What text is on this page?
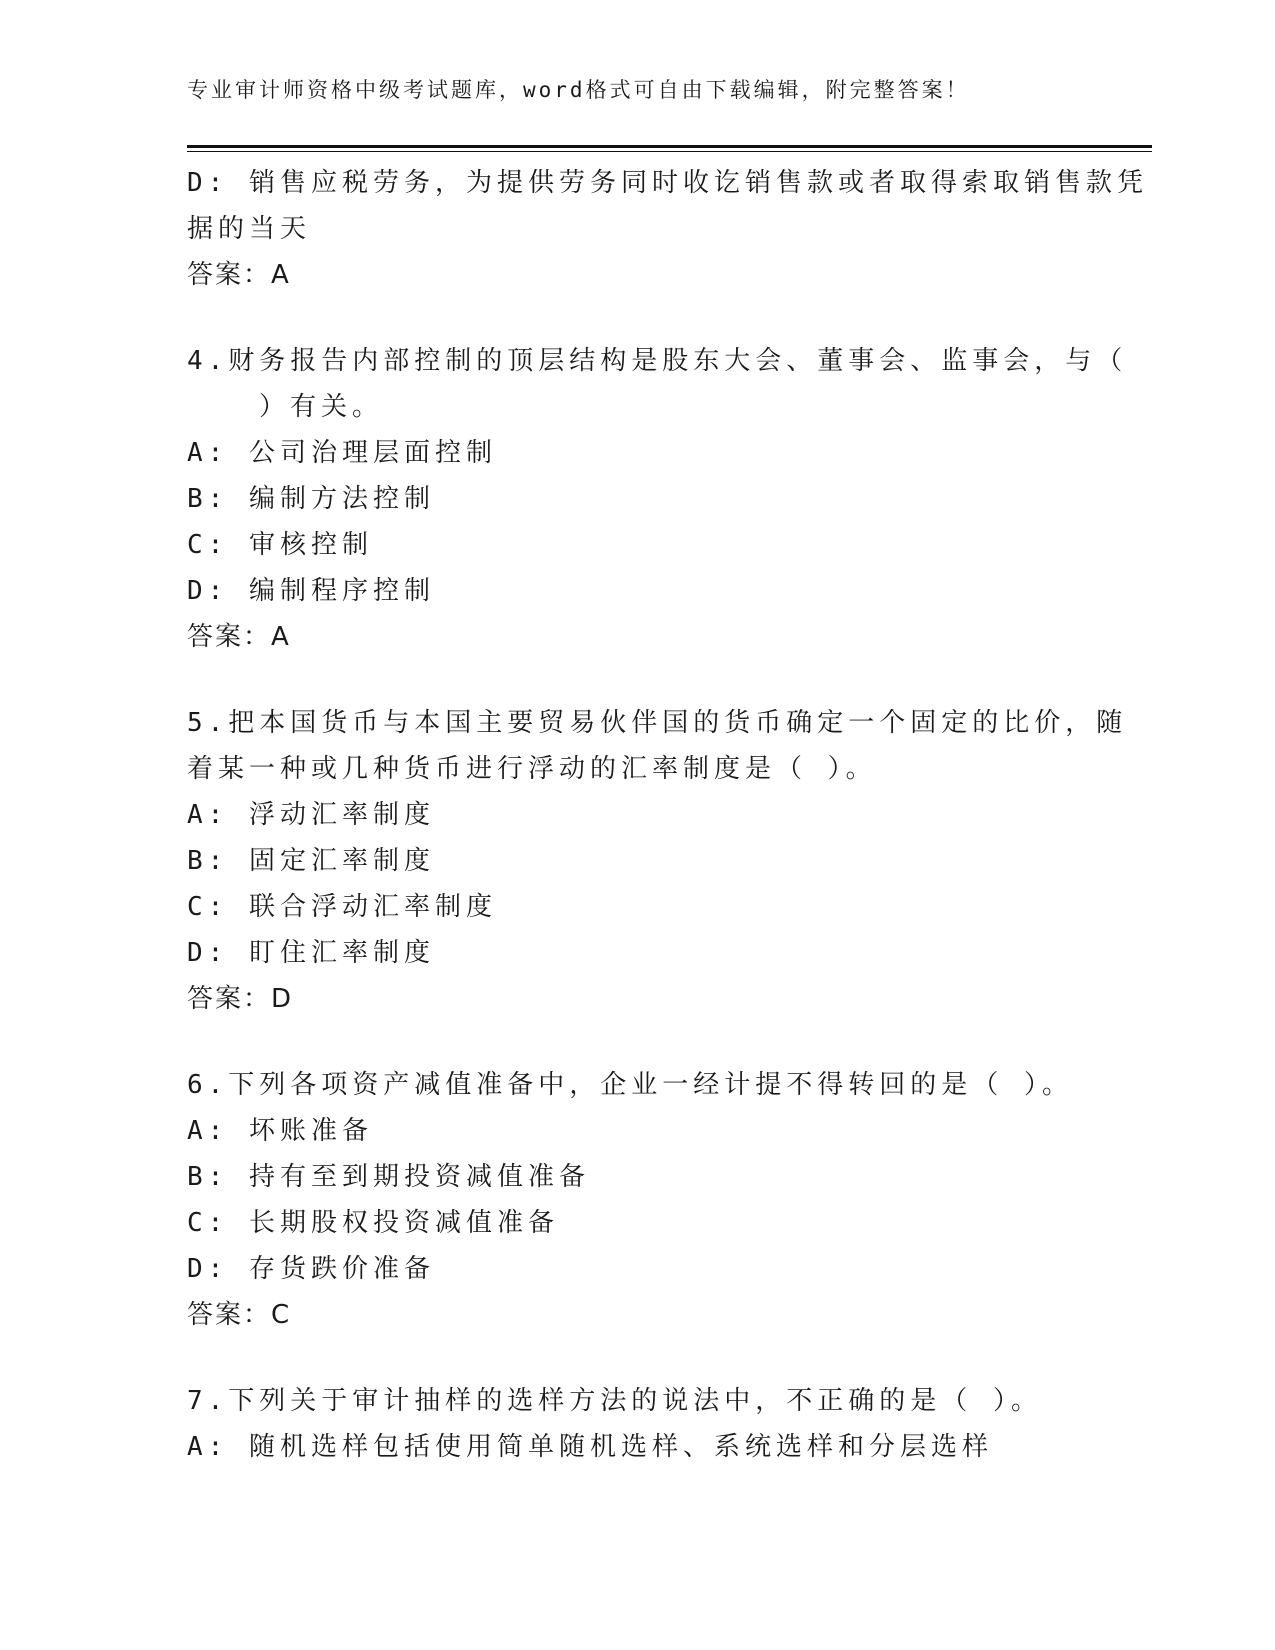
专业审计师资格中级考试题库，word格式可自由下载编辑，附完整答案！
D: 销售应税劳务，为提供劳务同时收讫销售款或者取得索取销售款凭
据的当天
答案：A
4.财务报告内部控制的顶层结构是股东大会、董事会、监事会，与（
）有关。
A: 公司治理层面控制
B: 编制方法控制
C: 审核控制
D: 编制程序控制
答案：A
5.把本国货币与本国主要贸易伙伴国的货币确定一个固定的比价，随
着某一种或几种货币进行浮动的汇率制度是（ ）。
A: 浮动汇率制度
B: 固定汇率制度
C: 联合浮动汇率制度
D: 盯住汇率制度
答案：D
6.下列各项资产减值准备中，企业一经计提不得转回的是（ ）。
A: 坏账准备
B: 持有至到期投资减值准备
C: 长期股权投资减值准备
D: 存货跌价准备
答案：C
7.下列关于审计抽样的选样方法的说法中，不正确的是（ ）。
A: 随机选样包括使用简单随机选样、系统选样和分层选样
